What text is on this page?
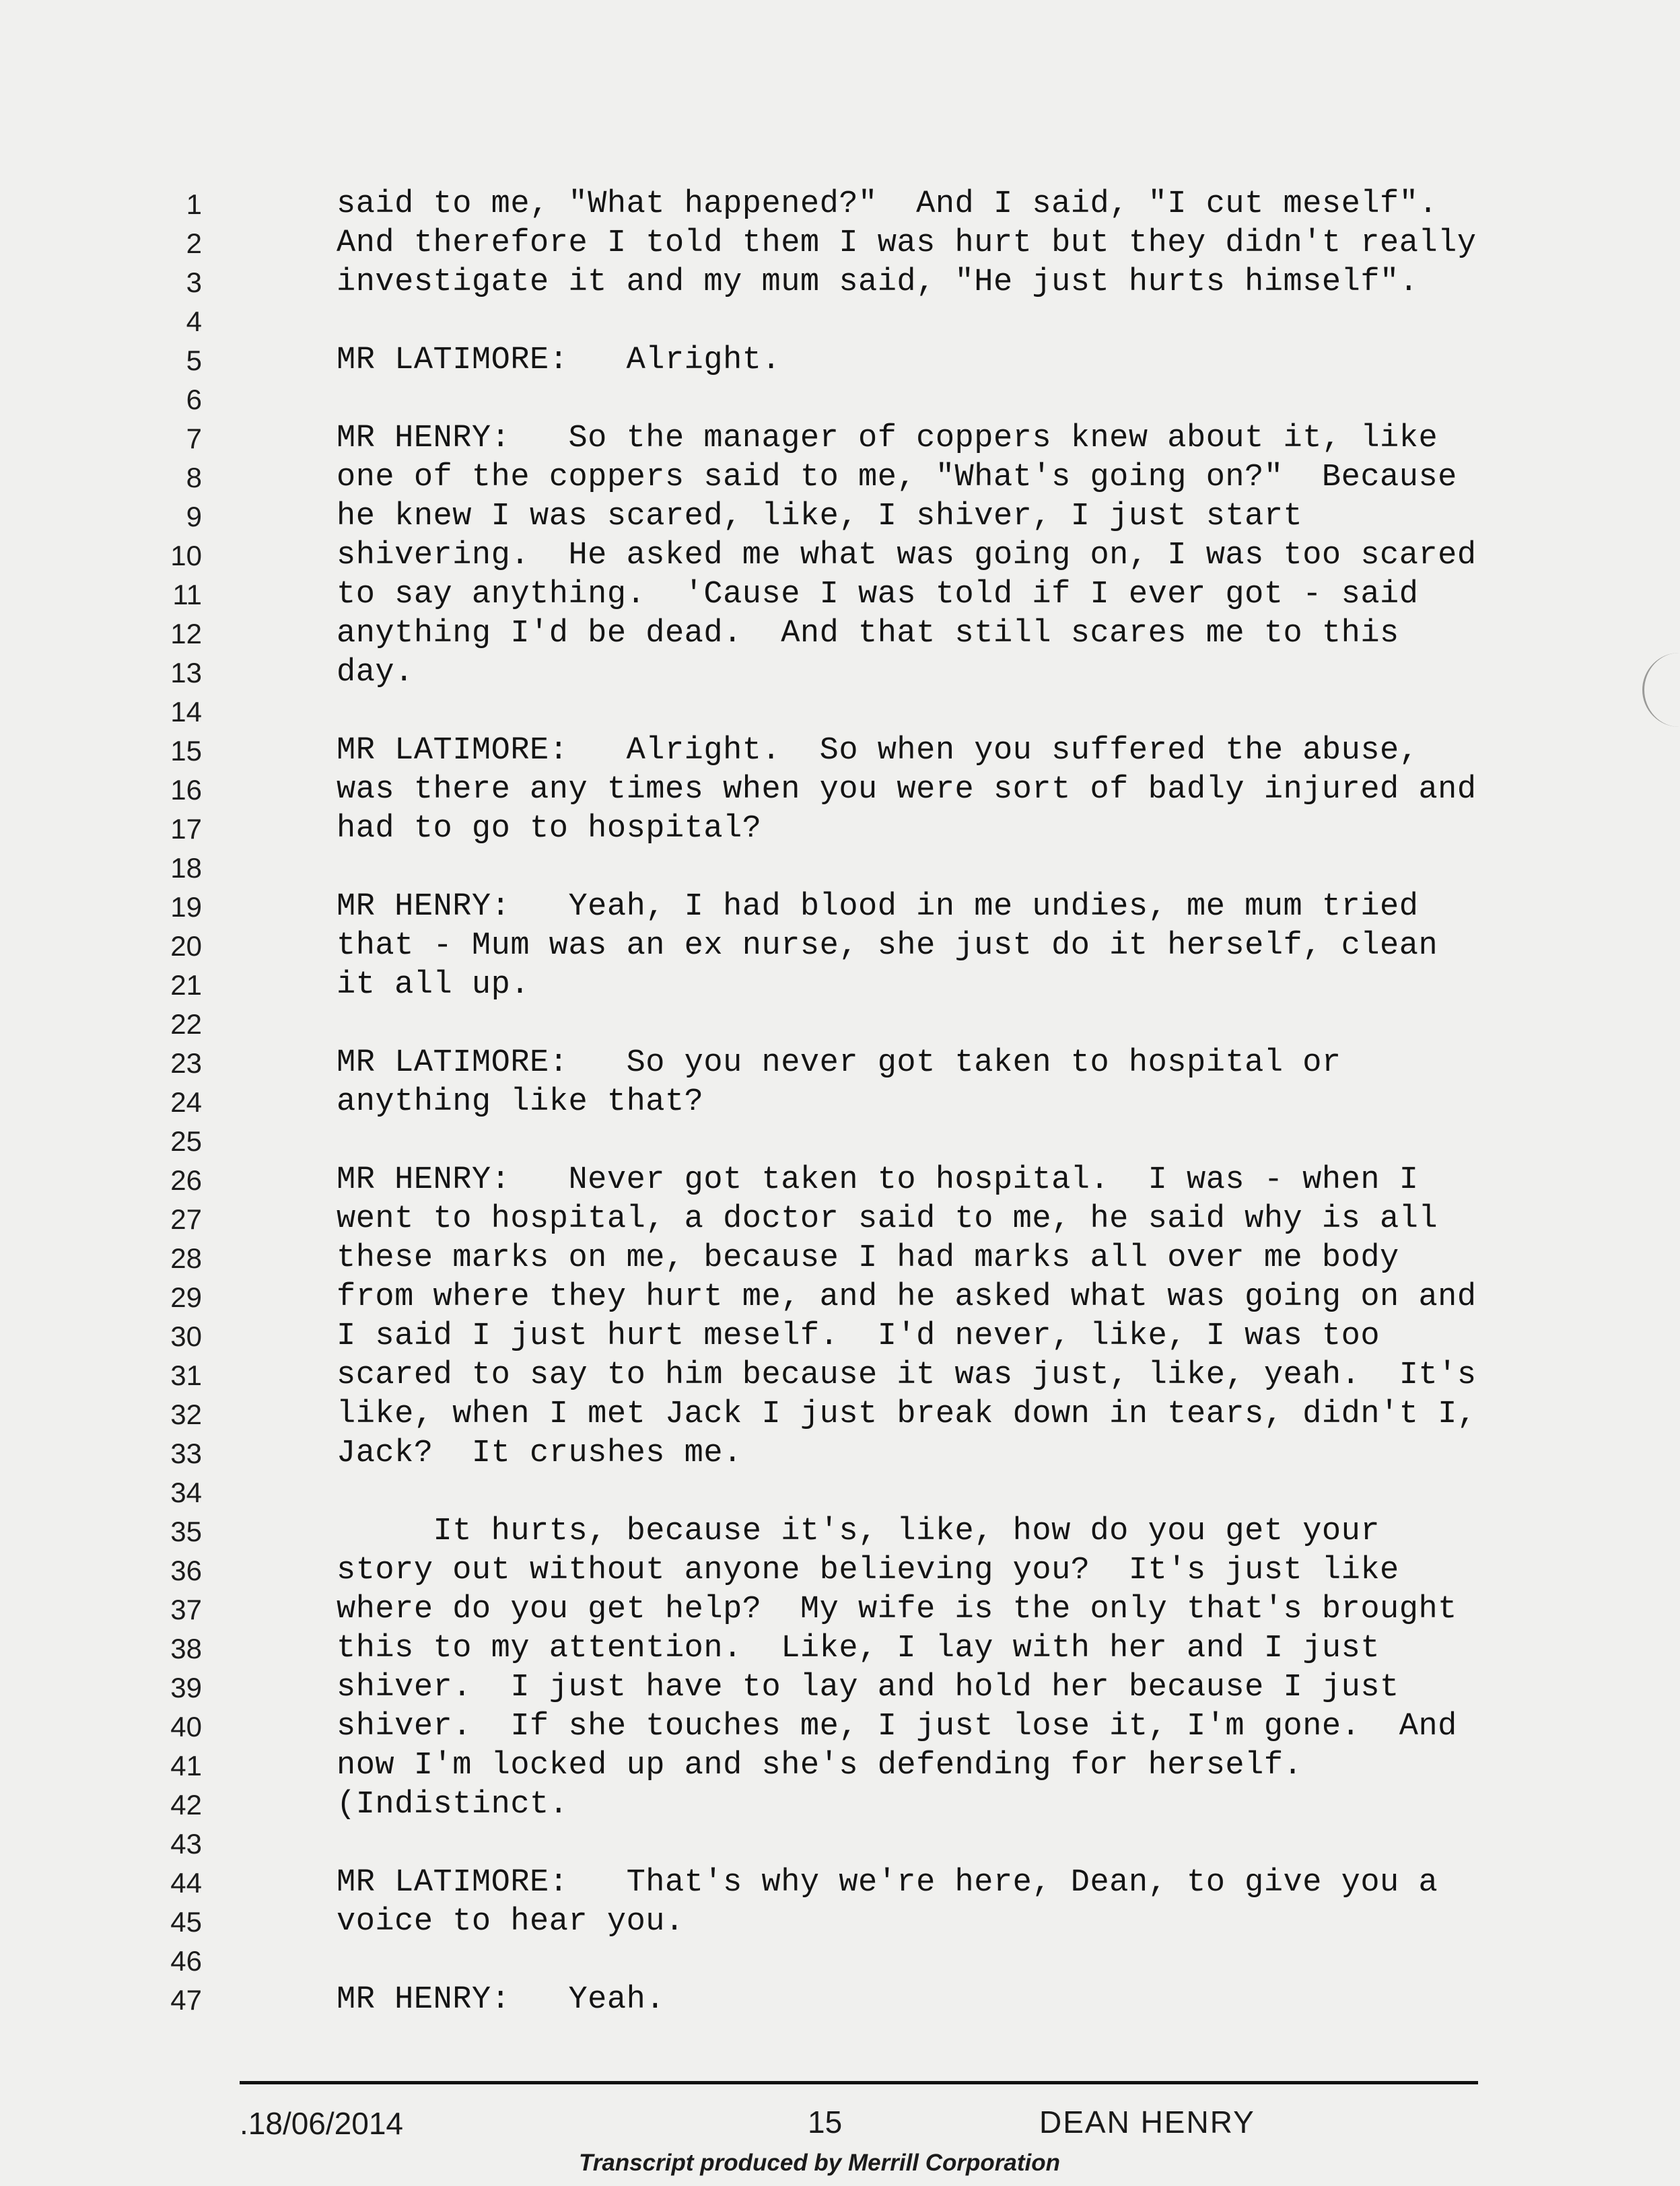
1	said to me, "What happened?"  And I said, "I cut meself".
2	And therefore I told them I was hurt but they didn't really
3	investigate it and my mum said, "He just hurts himself".
4
5	MR LATIMORE:   Alright.
6
7	MR HENRY:   So the manager of coppers knew about it, like
8	one of the coppers said to me, "What's going on?"  Because
9	he knew I was scared, like, I shiver, I just start
10	shivering.  He asked me what was going on, I was too scared
11	to say anything.  'Cause I was told if I ever got - said
12	anything I'd be dead.  And that still scares me to this
13	day.
14
15	MR LATIMORE:   Alright.  So when you suffered the abuse,
16	was there any times when you were sort of badly injured and
17	had to go to hospital?
18
19	MR HENRY:   Yeah, I had blood in me undies, me mum tried
20	that - Mum was an ex nurse, she just do it herself, clean
21	it all up.
22
23	MR LATIMORE:   So you never got taken to hospital or
24	anything like that?
25
26	MR HENRY:   Never got taken to hospital.  I was - when I
27	went to hospital, a doctor said to me, he said why is all
28	these marks on me, because I had marks all over me body
29	from where they hurt me, and he asked what was going on and
30	I said I just hurt meself.  I'd never, like, I was too
31	scared to say to him because it was just, like, yeah.  It's
32	like, when I met Jack I just break down in tears, didn't I,
33	Jack?  It crushes me.
34
35	It hurts, because it's, like, how do you get your
36	story out without anyone believing you?  It's just like
37	where do you get help?  My wife is the only that's brought
38	this to my attention.  Like, I lay with her and I just
39	shiver.  I just have to lay and hold her because I just
40	shiver.  If she touches me, I just lose it, I'm gone.  And
41	now I'm locked up and she's defending for herself.
42	(Indistinct.
43
44	MR LATIMORE:   That's why we're here, Dean, to give you a
45	voice to hear you.
46
47	MR HENRY:   Yeah.
.18/06/2014	15	DEAN HENRY
Transcript produced by Merrill Corporation
